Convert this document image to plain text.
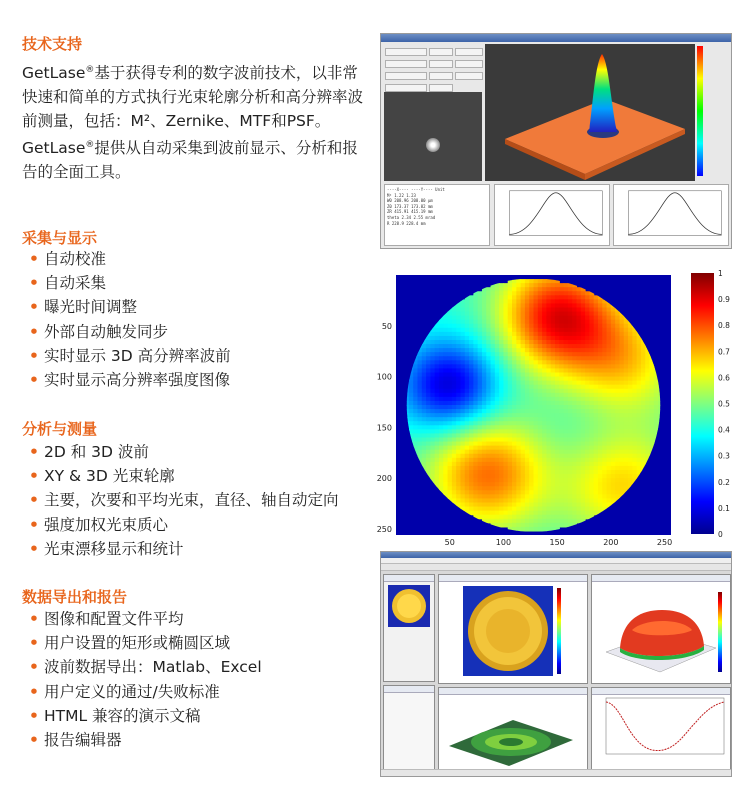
技术支持
GetLase®基于获得专利的数字波前技术，以非常快速和简单的方式执行光束轮廓分析和高分辨率波前测量，包括：M²、Zernike、MTF和PSF。GetLase®提供从自动采集到波前显示、分析和报告的全面工具。
采集与显示
• 自动校准
• 自动采集
• 曝光时间调整
• 外部自动触发同步
• 实时显示 3D 高分辨率波前
• 实时显示高分辨率强度图像
分析与测量
• 2D 和 3D 波前
• XY & 3D 光束轮廓
• 主要，次要和平均光束，直径、轴自动定向
• 强度加权光束质心
• 光束漂移显示和统计
数据导出和报告
• 图像和配置文件平均
• 用户设置的矩形或椭圆区域
• 波前数据导出：Matlab、Excel
• 用户定义的通过/失败标准
• HTML 兼容的演示文稿
• 报告编辑器
----X---- ----Y---- Unit
M² 1.22 1.23
W0 208.96 208.00 µm
Z0 173.37 173.82 mm
ZR 415.91 415.19 mm
theta 2.34 2.55 mrad
R 228.9 228.4 mm
50	100	150	200	250
50
100
150
200
250
0
0.1
0.2
0.3
0.4
0.5
0.6
0.7
0.8
0.9
1
